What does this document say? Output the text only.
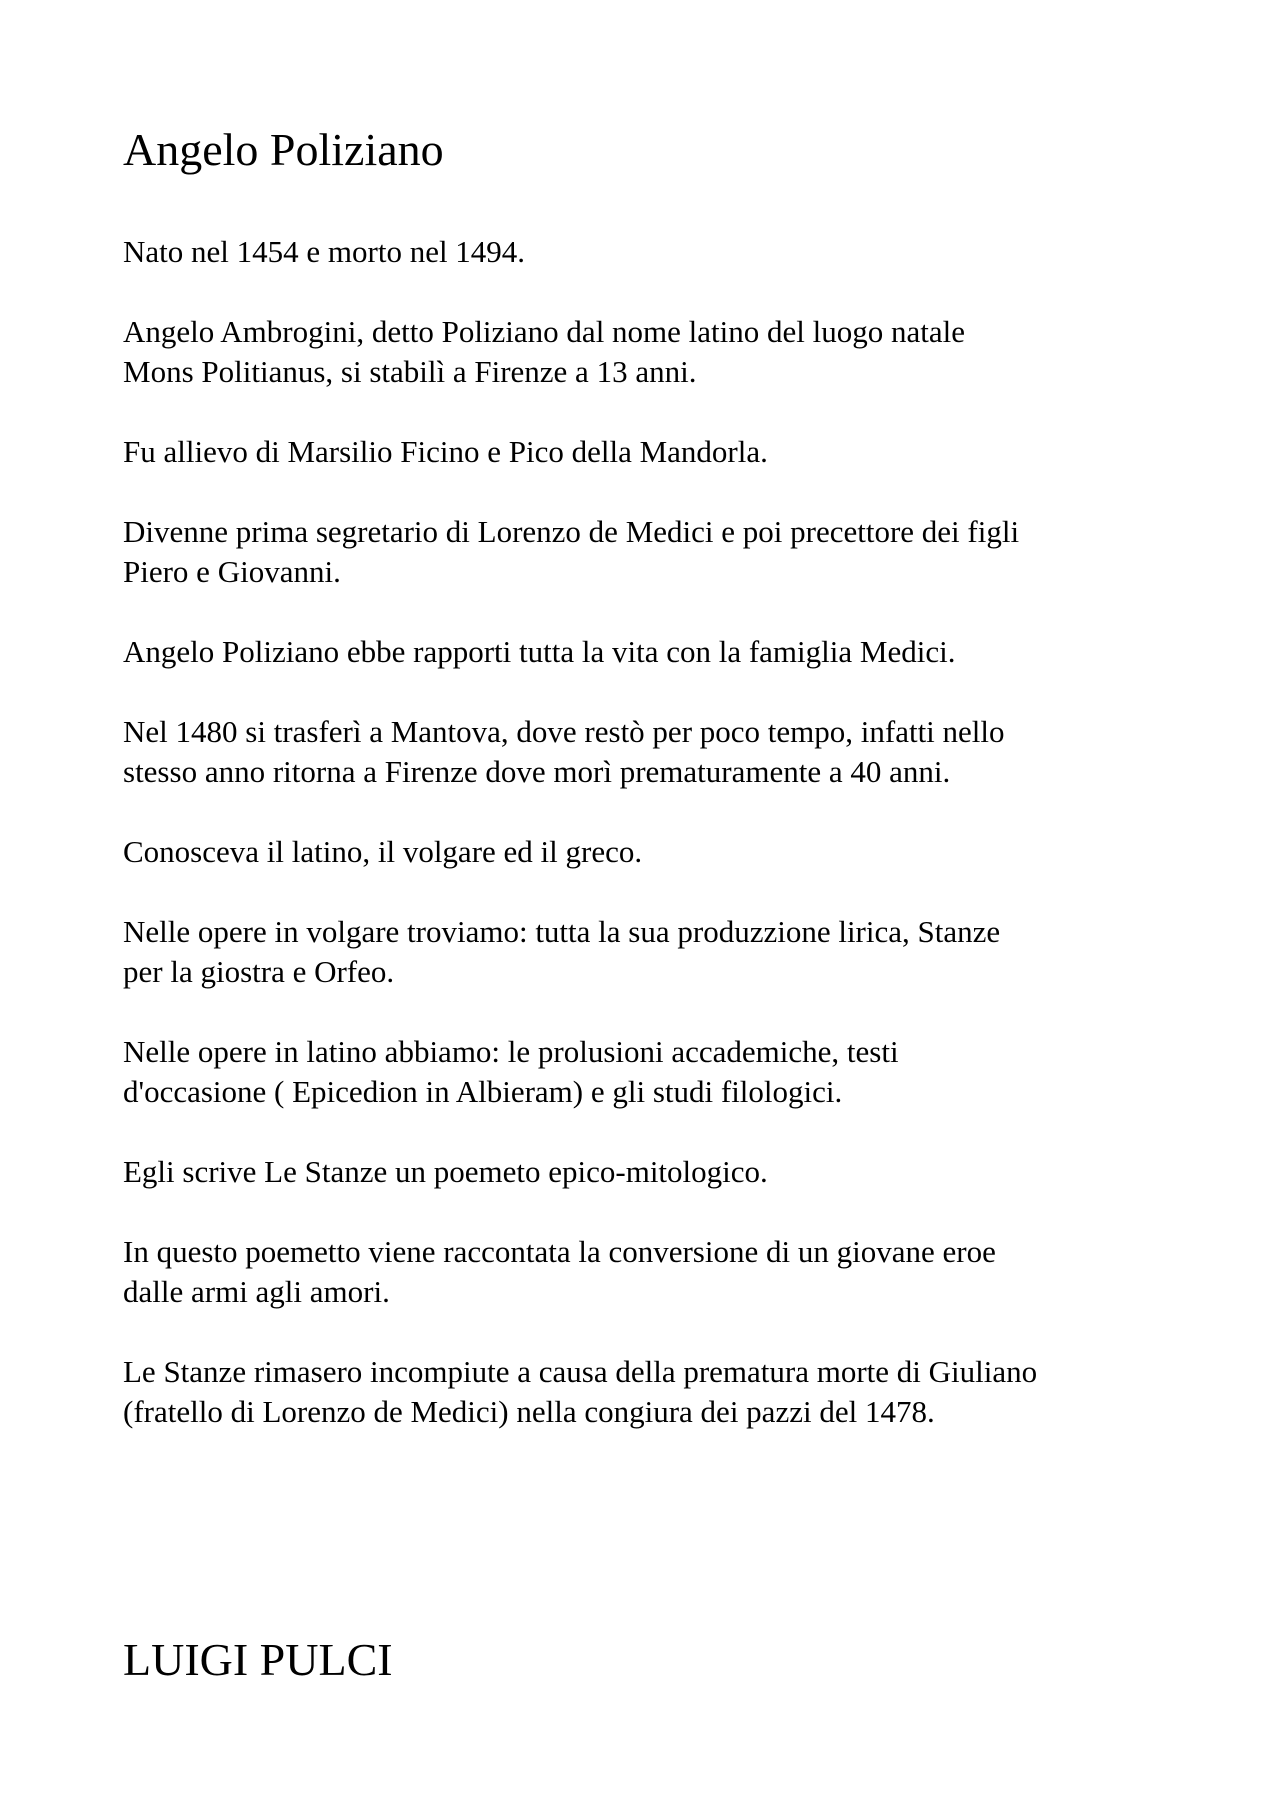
Angelo Poliziano

Nato nel 1454 e morto nel 1494.

Angelo Ambrogini, detto Poliziano dal nome latino del luogo natale
Mons Politianus, si stabilì a Firenze a 13 anni.

Fu allievo di Marsilio Ficino e Pico della Mandorla.

Divenne prima segretario di Lorenzo de Medici e poi precettore dei figli
Piero e Giovanni.

Angelo Poliziano ebbe rapporti tutta la vita con la famiglia Medici.

Nel 1480 si trasferì a Mantova, dove restò per poco tempo, infatti nello
stesso anno ritorna a Firenze dove morì prematuramente a 40 anni.

Conosceva il latino, il volgare ed il greco.

Nelle opere in volgare troviamo: tutta la sua produzzione lirica, Stanze
per la giostra e Orfeo.

Nelle opere in latino abbiamo: le prolusioni accademiche, testi
d'occasione ( Epicedion in Albieram) e gli studi filologici.

Egli scrive Le Stanze un poemeto epico-mitologico.

In questo poemetto viene raccontata la conversione di un giovane eroe
dalle armi agli amori.

Le Stanze rimasero incompiute a causa della prematura morte di Giuliano
(fratello di Lorenzo de Medici) nella congiura dei pazzi del 1478.

LUIGI PULCI
